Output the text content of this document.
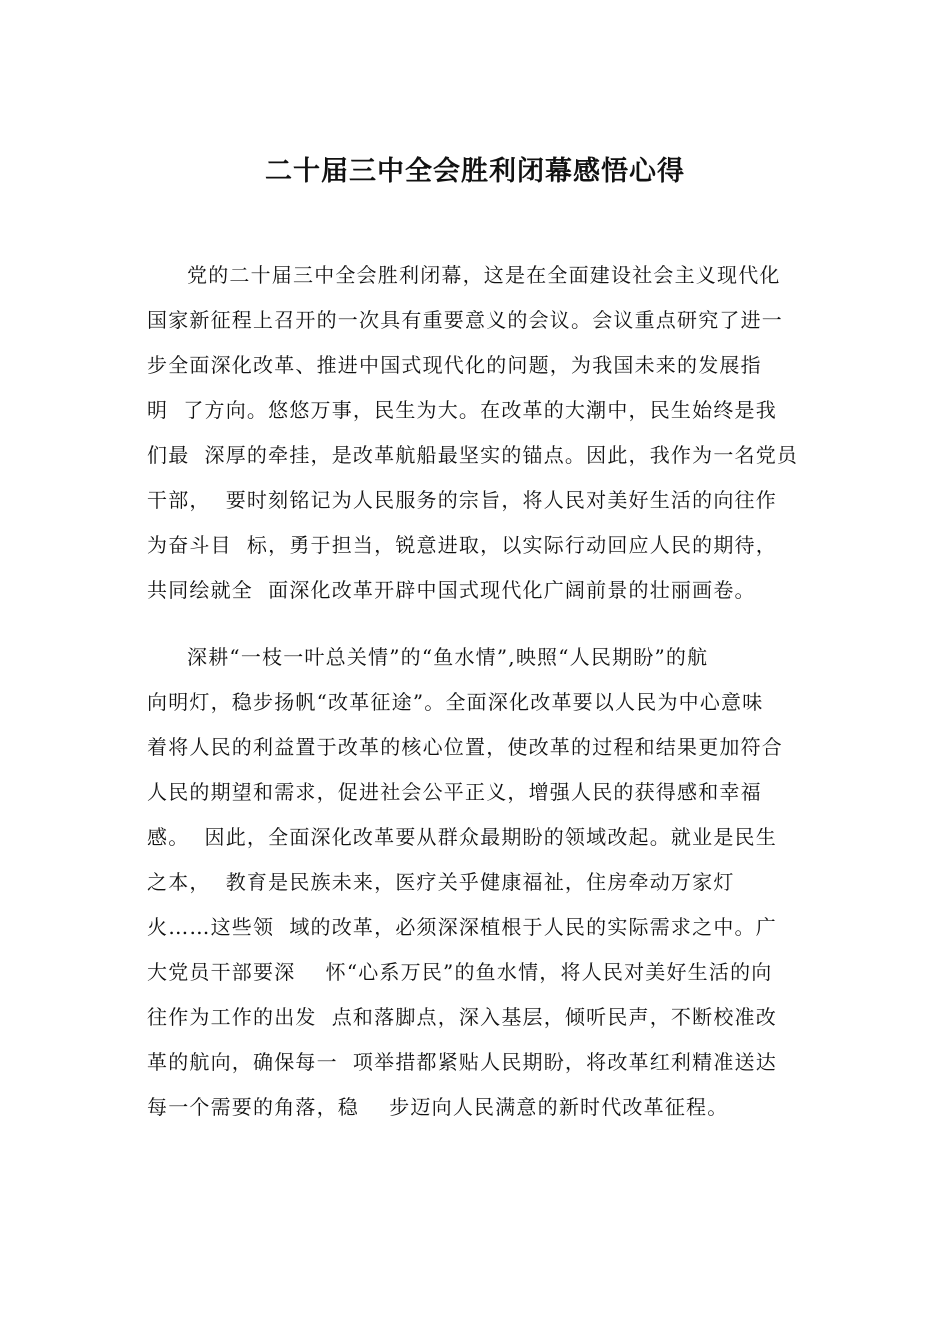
二十届三中全会胜利闭幕感悟心得

党的二十届三中全会胜利闭幕，这是在全面建设社会主义现代化
国家新征程上召开的一次具有重要意义的会议。会议重点研究了进一
步全面深化改革、推进中国式现代化的问题，为我国未来的发展指
明  了方向。悠悠万事，民生为大。在改革的大潮中，民生始终是我
们最  深厚的牵挂，是改革航船最坚实的锚点。因此，我作为一名党员
干部，  要时刻铭记为人民服务的宗旨，将人民对美好生活的向往作
为奋斗目  标，勇于担当，锐意进取，以实际行动回应人民的期待，
共同绘就全  面深化改革开辟中国式现代化广阔前景的壮丽画卷。

深耕“一枝一叶总关情”的“鱼水情”,映照“人民期盼”的航
向明灯，稳步扬帆“改革征途”。全面深化改革要以人民为中心意味
着将人民的利益置于改革的核心位置，使改革的过程和结果更加符合
人民的期望和需求，促进社会公平正义，增强人民的获得感和幸福
感。  因此，全面深化改革要从群众最期盼的领域改起。就业是民生
之本，  教育是民族未来，医疗关乎健康福祉，住房牵动万家灯
火……这些领  域的改革，必须深深植根于人民的实际需求之中。广
大党员干部要深    怀“心系万民”的鱼水情，将人民对美好生活的向
往作为工作的出发  点和落脚点，深入基层，倾听民声，不断校准改
革的航向，确保每一  项举措都紧贴人民期盼，将改革红利精准送达
每一个需要的角落，稳    步迈向人民满意的新时代改革征程。
